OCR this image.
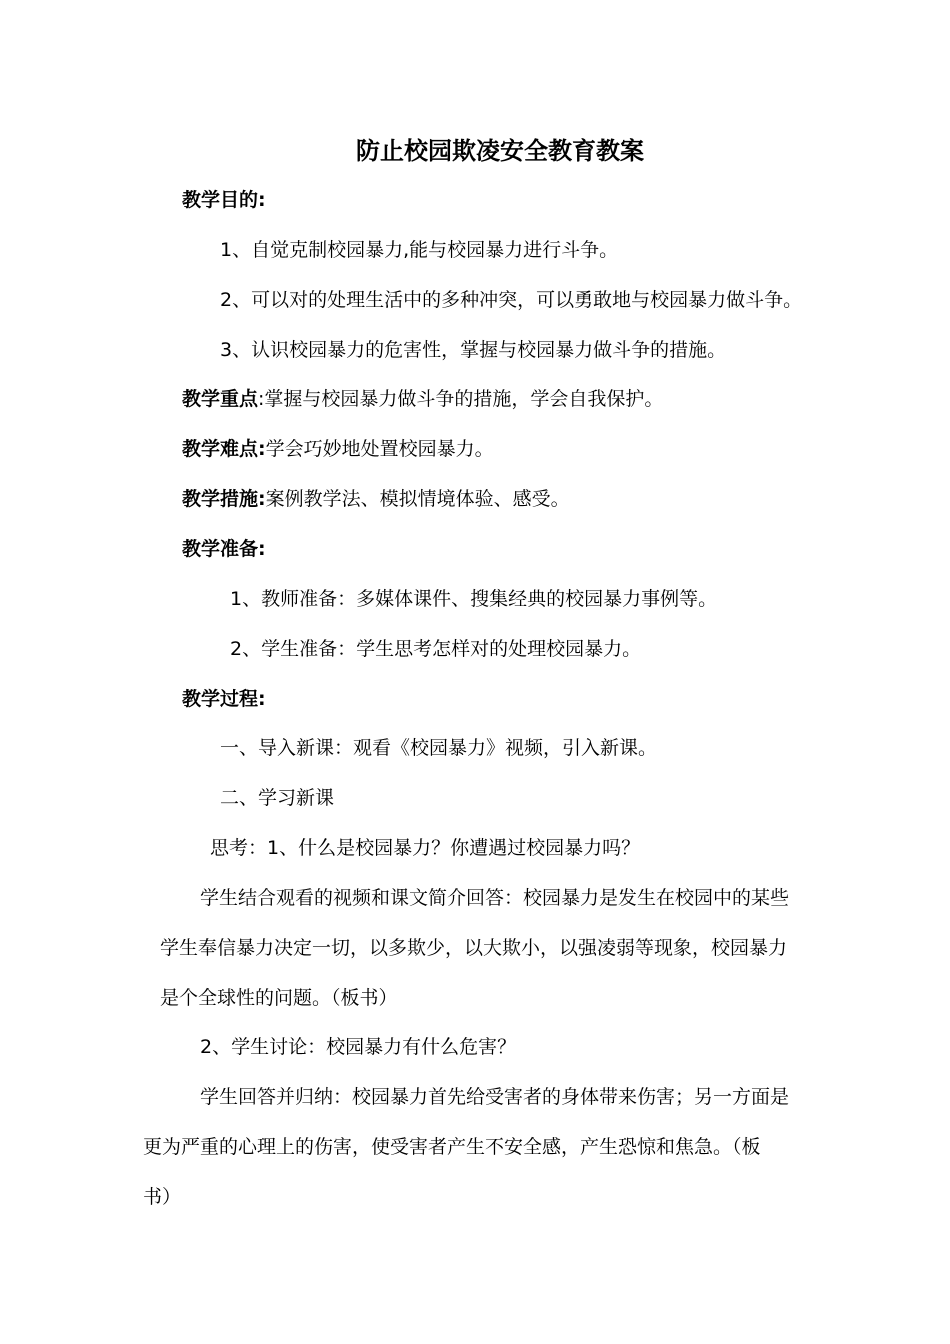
防止校园欺凌安全教育教案
教学目的:
1、自觉克制校园暴力,能与校园暴力进行斗争。
2、可以对的处理生活中的多种冲突，可以勇敢地与校园暴力做斗争。
3、认识校园暴力的危害性，掌握与校园暴力做斗争的措施。
教学重点:掌握与校园暴力做斗争的措施，学会自我保护。
教学难点:学会巧妙地处置校园暴力。
教学措施:案例教学法、模拟情境体验、感受。
教学准备:
1、教师准备：多媒体课件、搜集经典的校园暴力事例等。
2、学生准备：学生思考怎样对的处理校园暴力。
教学过程:
一、导入新课：观看《校园暴力》视频，引入新课。
二、学习新课
思考：1、什么是校园暴力？你遭遇过校园暴力吗？
学生结合观看的视频和课文简介回答：校园暴力是发生在校园中的某些
学生奉信暴力决定一切，以多欺少，以大欺小，以强凌弱等现象，校园暴力
是个全球性的问题。（板书）
2、学生讨论：校园暴力有什么危害？
学生回答并归纳：校园暴力首先给受害者的身体带来伤害；另一方面是
更为严重的心理上的伤害，使受害者产生不安全感，产生恐惊和焦急。（板
书）
